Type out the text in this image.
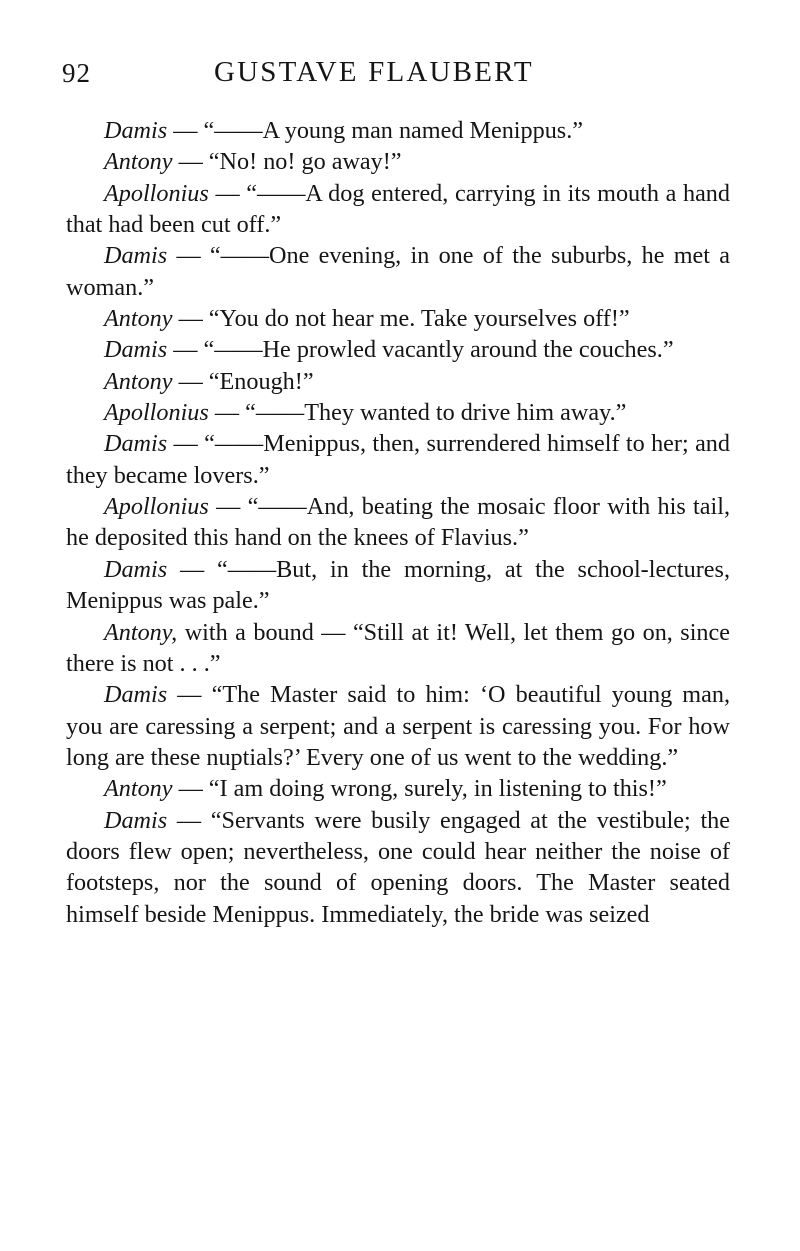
92	GUSTAVE FLAUBERT

Damis — “——A young man named Menippus.”

Antony — “No! no! go away!”

Apollonius — “——A dog entered, carrying in its mouth a hand that had been cut off.”

Damis — “——One evening, in one of the suburbs, he met a woman.”

Antony — “You do not hear me. Take yourselves off!”

Damis — “——He prowled vacantly around the couches.”

Antony — “Enough!”

Apollonius — “——They wanted to drive him away.”

Damis — “——Menippus, then, surrendered himself to her; and they became lovers.”

Apollonius — “——And, beating the mosaic floor with his tail, he deposited this hand on the knees of Flavius.”

Damis — “——But, in the morning, at the school-lectures, Menippus was pale.”

Antony, with a bound — “Still at it! Well, let them go on, since there is not . . .”

Damis — “The Master said to him: ‘O beautiful young man, you are caressing a serpent; and a serpent is caressing you. For how long are these nuptials?’ Every one of us went to the wedding.”

Antony — “I am doing wrong, surely, in listening to this!”

Damis — “Servants were busily engaged at the vestibule; the doors flew open; nevertheless, one could hear neither the noise of footsteps, nor the sound of opening doors. The Master seated himself beside Menippus. Immediately, the bride was seized
